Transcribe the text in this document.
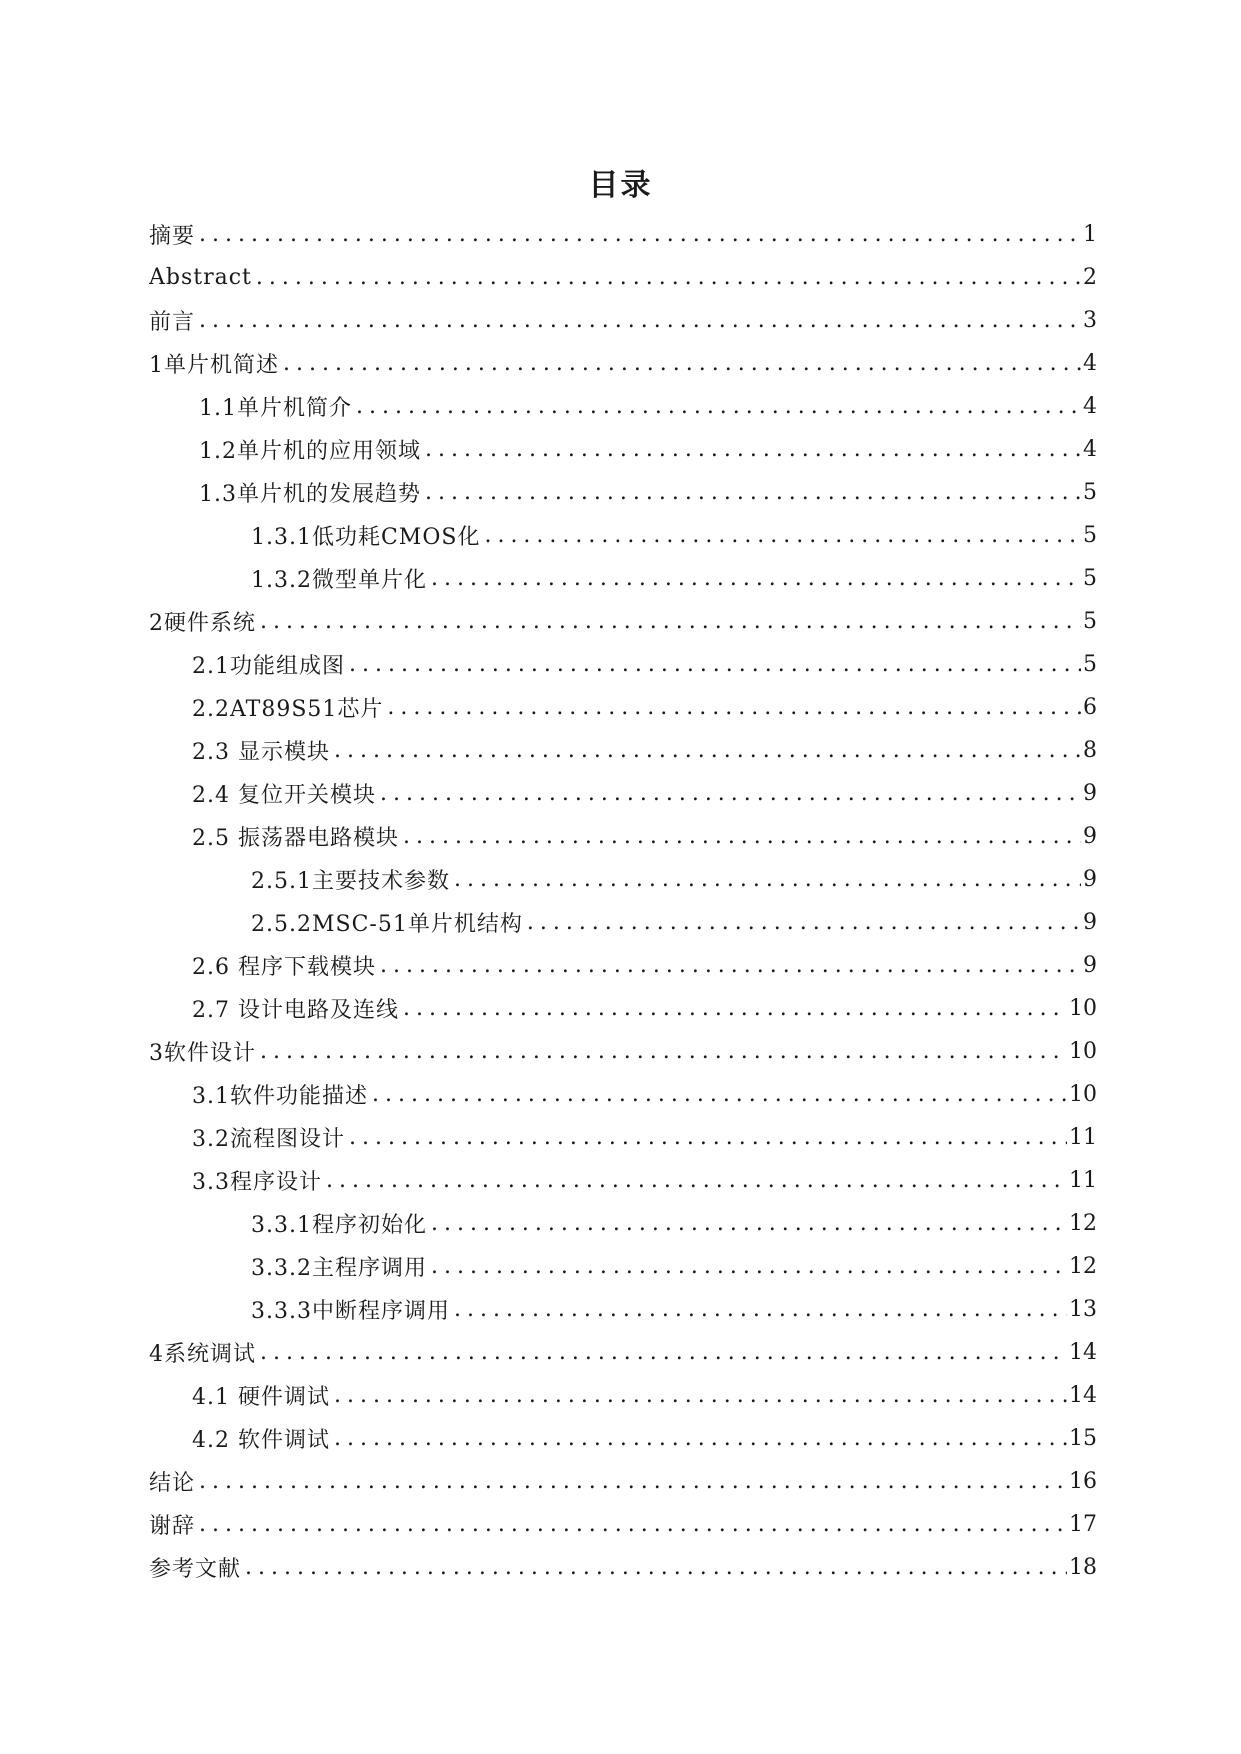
目录
摘要 .....	1
Abstract .....	2
前言 .....	3
1单片机简述 .....	4
1.1单片机简介 .....	4
1.2单片机的应用领域 .....	4
1.3单片机的发展趋势 .....	5
1.3.1低功耗CMOS化 .....	5
1.3.2微型单片化 .....	5
2硬件系统 .....	5
2.1功能组成图 .....	5
2.2AT89S51芯片 .....	6
2.3 显示模块 .....	8
2.4 复位开关模块 .....	9
2.5 振荡器电路模块 .....	9
2.5.1主要技术参数 .....	9
2.5.2MSC-51单片机结构 .....	9
2.6 程序下载模块 .....	9
2.7 设计电路及连线 .....	10
3软件设计 .....	10
3.1软件功能描述 .....	10
3.2流程图设计 .....	11
3.3程序设计 .....	11
3.3.1程序初始化 .....	12
3.3.2主程序调用 .....	12
3.3.3中断程序调用 .....	13
4系统调试 .....	14
4.1 硬件调试 .....	14
4.2 软件调试 .....	15
结论 .....	16
谢辞 .....	17
参考文献 .....	18
